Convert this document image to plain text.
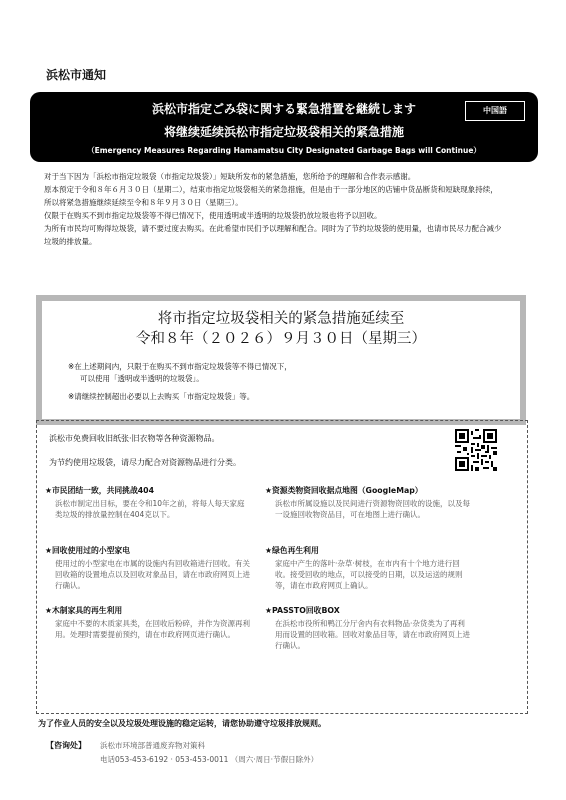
浜松市通知
浜松市指定ごみ袋に関する緊急措置を継続します	中国語
将继续延续浜松市指定垃圾袋相关的紧急措施
（Emergency Measures Regarding Hamamatsu City Designated Garbage Bags will Continue）

对于当下因为「浜松市指定垃圾袋（市指定垃圾袋）」短缺所发布的紧急措施，您所给予的理解和合作表示感谢。

原本预定于令和８年６月３０日（星期二），结束市指定垃圾袋相关的紧急措施，但是由于一部分地区的店铺中货品断货和短缺现象持续，所以将紧急措施继续延续至令和８年９月３０日（星期三）。

仅限于在购买不到市指定垃圾袋等不得已情况下，使用透明或半透明的垃圾袋扔放垃圾也将予以回收。

为所有市民均可购得垃圾袋，请不要过度去购买。在此希望市民们予以理解和配合。同时为了节约垃圾袋的使用量，也请市民尽力配合减少垃圾的排放量。

将市指定垃圾袋相关的紧急措施延续至
令和８年（２０２６）９月３０日（星期三）

※在上述期间内，只限于在购买不到市指定垃圾袋等不得已情况下，

可以使用「透明或半透明的垃圾袋」。

※请继续控制超出必要以上去购买「市指定垃圾袋」等。

浜松市免费回收旧纸张·旧衣物等各种资源物品。
为节约使用垃圾袋，请尽力配合对资源物品进行分类。
★市民团结一致，共同挑战404
浜松市制定出目标，要在令和10年之前，将每人每天家庭类垃圾的排放量控制在404克以下。
★资源类物资回收据点地图（GoogleMap）
浜松市所属设施以及民间进行资源物资回收的设施，以及每一设施回收物资品目，可在地图上进行确认。
★回收使用过的小型家电
使用过的小型家电在市属的设施内有回收箱进行回收。有关回收箱的设置地点以及回收对象品目，请在市政府网页上进行确认。
★绿色再生利用
家庭中产生的落叶·杂草·树枝，在市内有十个地方进行回收。接受回收的地点，可以接受的日期，以及运送的规则等，请在市政府网页上确认。
★木制家具的再生利用
家庭中不要的木质家具类，在回收后粉碎，并作为资源再利用。处理时需要提前预约，请在市政府网页进行确认。
★PASSTO回收BOX
在浜松市役所和鸭江分厅舍内有衣料物品·杂货类为了再利用而设置的回收箱。回收对象品目等，请在市政府网页上进行确认。
为了作业人员的安全以及垃圾处理设施的稳定运转，请您协助遵守垃圾排放规则。
【咨询处】 浜松市环境部普通废弃物对策科
电话053-453-6192 · 053-453-0011 （周六·周日·节假日除外）
